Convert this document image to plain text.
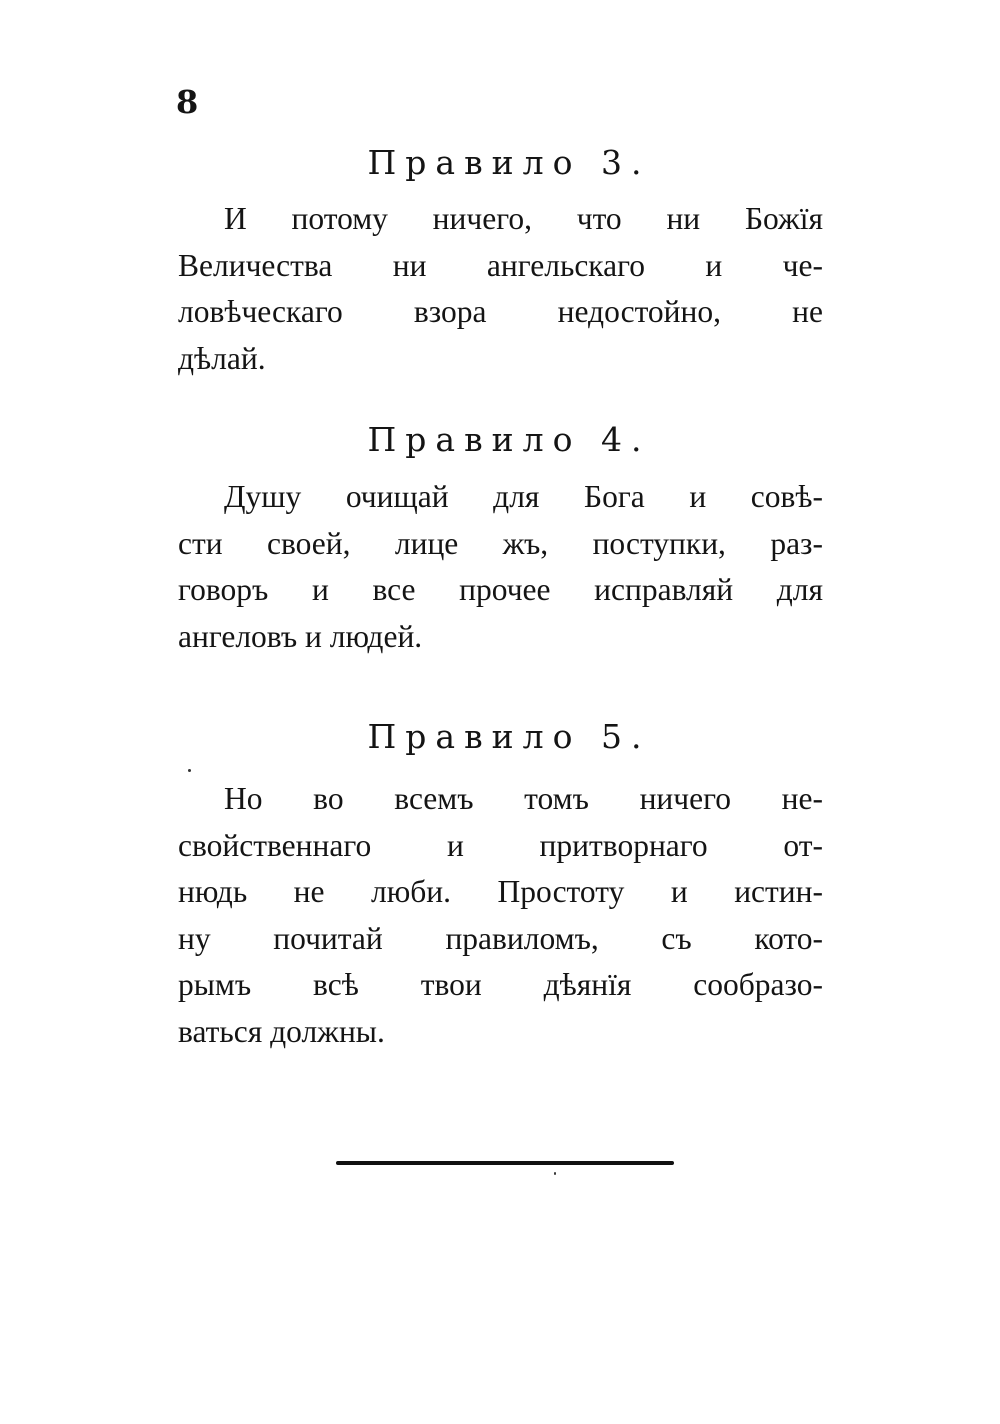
8
Правило 3.
И потому ничего, что ни Божїя
Величества ни ангельскаго и че-
ловѣческаго взора недостойно, не
дѣлай.
Правило 4.
Душу очищай для Бога и совѣ-
сти своей, лице жъ, поступки, раз-
говоръ и все прочее исправляй для
ангеловъ и людей.
Правило 5.
Но во всемъ томъ ничего не-
свойственнаго и притворнаго от-
нюдь не люби. Простоту и истин-
ну почитай правиломъ, съ кото-
рымъ всѣ твои дѣянїя сообразо-
ваться должны.
